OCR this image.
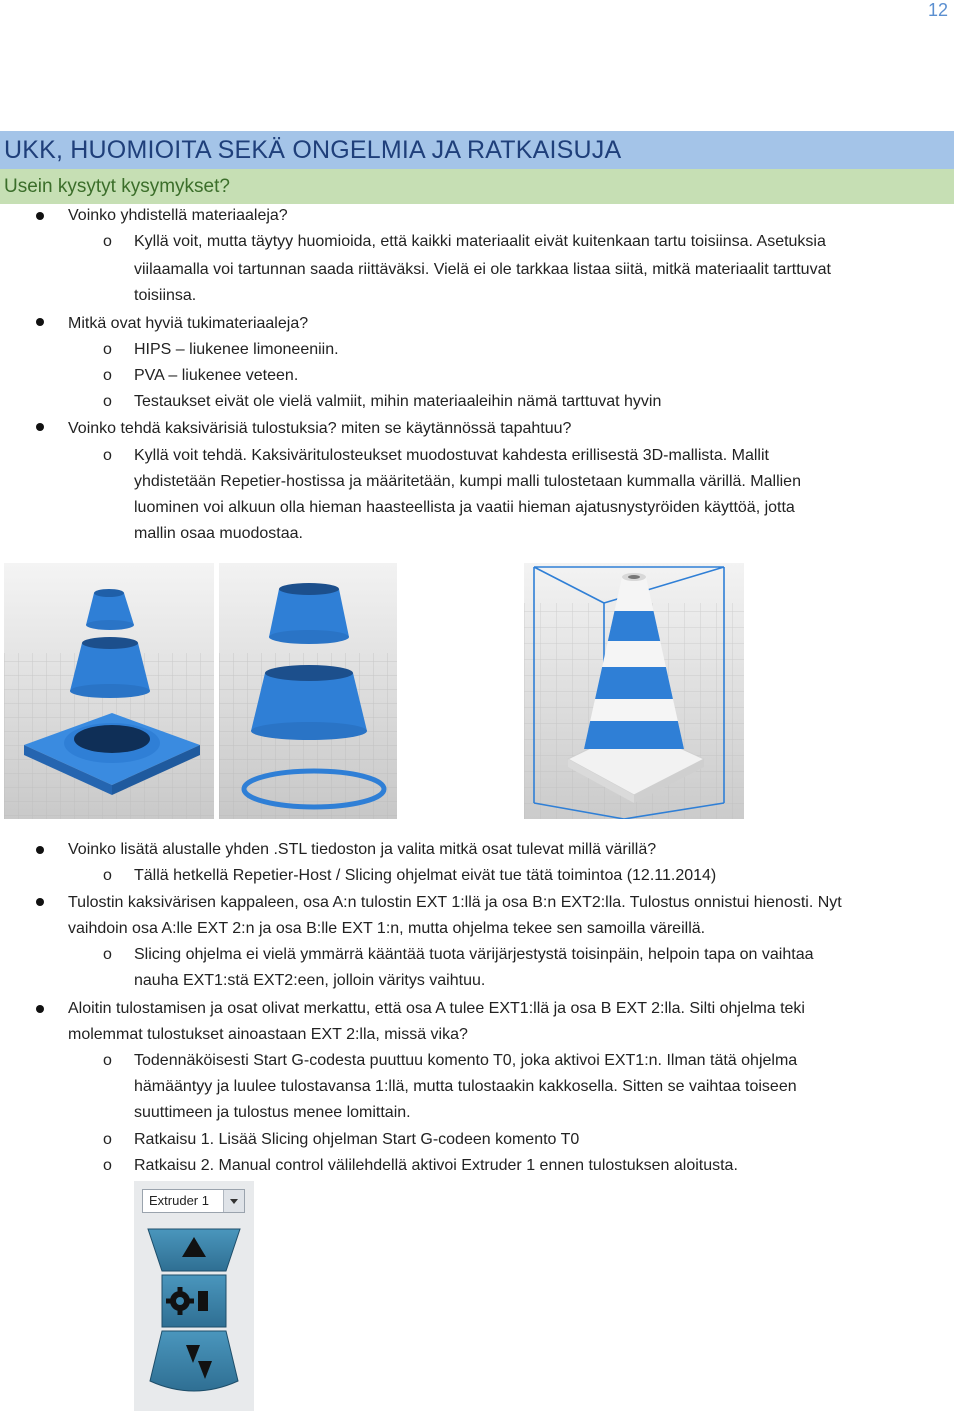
12
UKK, HUOMIOITA SEKÄ ONGELMIA JA RATKAISUJA
Usein kysytyt kysymykset?
Voinko yhdistellä materiaaleja?
o Kyllä voit, mutta täytyy huomioida, että kaikki materiaalit eivät kuitenkaan tartu toisiinsa. Asetuksia
viilaamalla voi tartunnan saada riittäväksi. Vielä ei ole tarkkaa listaa siitä, mitkä materiaalit tarttuvat
toisiinsa.
Mitkä ovat hyviä tukimateriaaleja?
o HIPS – liukenee limoneeniin.
o PVA – liukenee veteen.
o Testaukset eivät ole vielä valmiit, mihin materiaaleihin nämä tarttuvat hyvin
Voinko tehdä kaksivärisiä tulostuksia? miten se käytännössä tapahtuu?
o Kyllä voit tehdä. Kaksiväritulosteukset muodostuvat kahdesta erillisestä 3D-mallista. Mallit
yhdistetään Repetier-hostissa ja määritetään, kumpi malli tulostetaan kummalla värillä. Mallien
luominen voi alkuun olla hieman haasteellista ja vaatii hieman ajatusnystyröiden käyttöä, jotta
mallin osaa muodostaa.
Voinko lisätä alustalle yhden .STL tiedoston ja valita mitkä osat tulevat millä värillä?
o Tällä hetkellä Repetier-Host / Slicing ohjelmat eivät tue tätä toimintoa (12.11.2014)
Tulostin kaksivärisen kappaleen, osa A:n tulostin EXT 1:llä ja osa B:n EXT2:lla. Tulostus onnistui hienosti. Nyt
vaihdoin osa A:lle EXT 2:n ja osa B:lle EXT 1:n, mutta ohjelma tekee sen samoilla väreillä.
o Slicing ohjelma ei vielä ymmärrä kääntää tuota värijärjestystä toisinpäin, helpoin tapa on vaihtaa
nauha EXT1:stä EXT2:een, jolloin väritys vaihtuu.
Aloitin tulostamisen ja osat olivat merkattu, että osa A tulee EXT1:llä ja osa B EXT 2:lla. Silti ohjelma teki
molemmat tulostukset ainoastaan EXT 2:lla, missä vika?
o Todennäköisesti Start G-codesta puuttuu komento T0, joka aktivoi EXT1:n. Ilman tätä ohjelma
hämääntyy ja luulee tulostavansa 1:llä, mutta tulostaakin kakkosella. Sitten se vaihtaa toiseen
suuttimeen ja tulostus menee lomittain.
o Ratkaisu 1. Lisää Slicing ohjelman Start G-codeen komento T0
o Ratkaisu 2. Manual control välilehdellä aktivoi Extruder 1 ennen tulostuksen aloitusta.
Extruder 1
